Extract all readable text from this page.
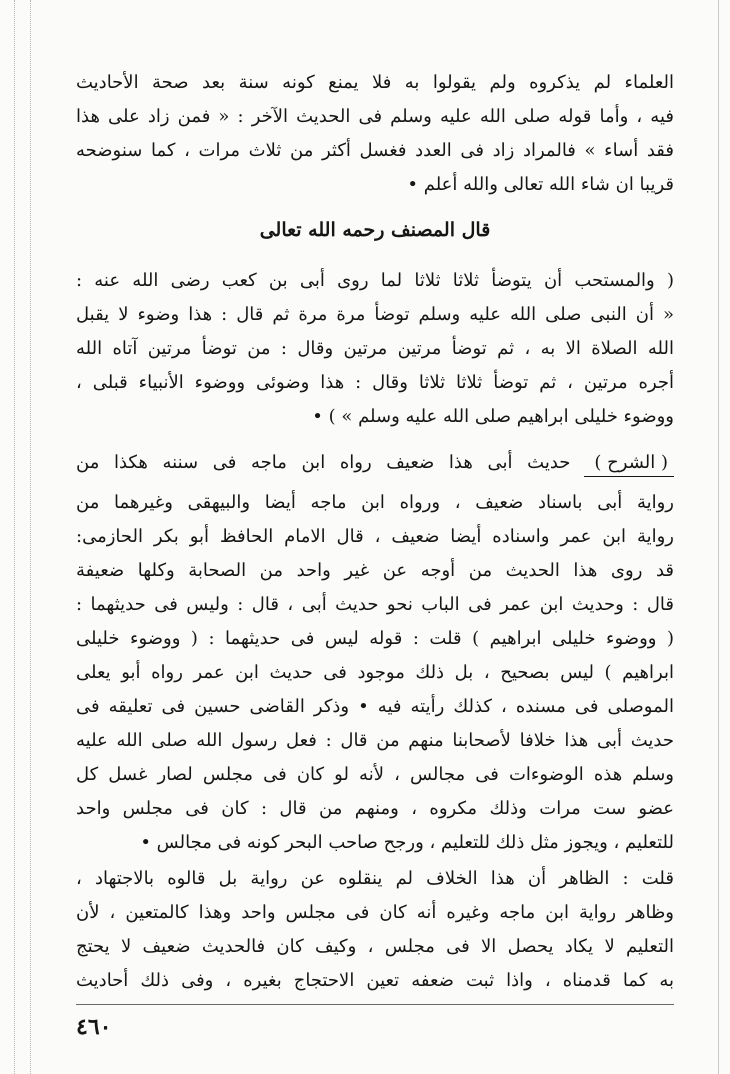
العلماء لم يذكروه ولم يقولوا به فلا يمنع كونه سنة بعد صحة الأحاديث

فيه ، وأما قوله صلى الله عليه وسلم فى الحديث الآخر : « فمن زاد على هذا

فقد أساء » فالمراد زاد فى العدد فغسل أكثر من ثلاث مرات ، كما سنوضحه

قريبا ان شاء الله تعالى والله أعلم •

قال المصنف رحمه الله تعالى

( والمستحب أن يتوضأ ثلاثا ثلاثا لما روى أبى بن كعب رضى الله عنه :

« أن النبى صلى الله عليه وسلم توضأ مرة مرة ثم قال : هذا وضوء لا يقبل

الله الصلاة الا به ، ثم توضأ مرتين مرتين وقال : من توضأ مرتين آتاه الله

أجره مرتين ، ثم توضأ ثلاثا ثلاثا وقال : هذا وضوئى ووضوء الأنبياء قبلى ،

ووضوء خليلى ابراهيم صلى الله عليه وسلم » ) •

( الشرح )حديث أبى هذا ضعيف رواه ابن ماجه فى سننه هكذا من

رواية أبى باسناد ضعيف ، ورواه ابن ماجه أيضا والبيهقى وغيرهما من

رواية ابن عمر واسناده أيضا ضعيف ، قال الامام الحافظ أبو بكر الحازمى:

قد روى هذا الحديث من أوجه عن غير واحد من الصحابة وكلها ضعيفة

قال : وحديث ابن عمر فى الباب نحو حديث أبى ، قال : وليس فى حديثهما :

( ووضوء خليلى ابراهيم ) قلت : قوله ليس فى حديثهما : ( ووضوء خليلى

ابراهيم ) ليس بصحيح ، بل ذلك موجود فى حديث ابن عمر رواه أبو يعلى

الموصلى فى مسنده ، كذلك رأيته فيه • وذكر القاضى حسين فى تعليقه فى

حديث أبى هذا خلافا لأصحابنا منهم من قال : فعل رسول الله صلى الله عليه

وسلم هذه الوضوءات فى مجالس ، لأنه لو كان فى مجلس لصار غسل كل

عضو ست مرات وذلك مكروه ، ومنهم من قال : كان فى مجلس واحد

للتعليم ، ويجوز مثل ذلك للتعليم ، ورجح صاحب البحر كونه فى مجالس •

قلت : الظاهر أن هذا الخلاف لم ينقلوه عن رواية بل قالوه بالاجتهاد ،

وظاهر رواية ابن ماجه وغيره أنه كان فى مجلس واحد وهذا كالمتعين ، لأن

التعليم لا يكاد يحصل الا فى مجلس ، وكيف كان فالحديث ضعيف لا يحتج

به كما قدمناه ، واذا ثبت ضعفه تعين الاحتجاج بغيره ، وفى ذلك أحاديث

٤٦٠
